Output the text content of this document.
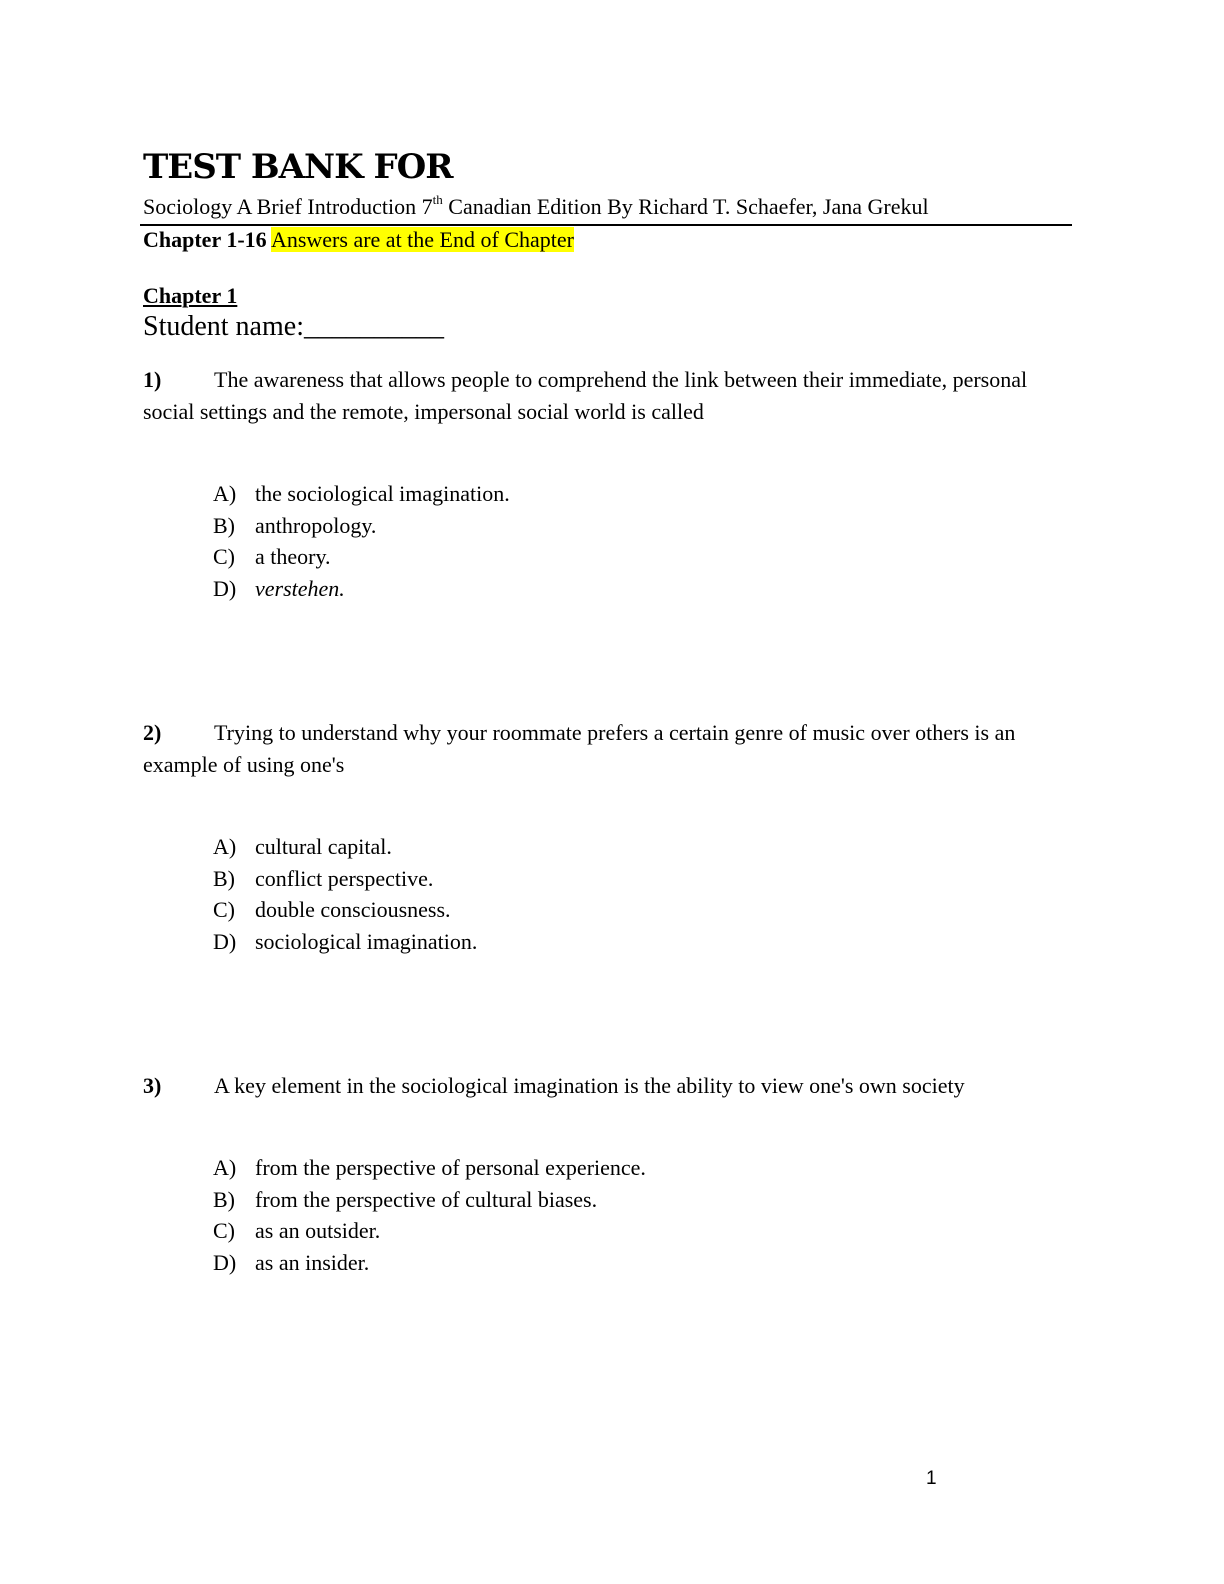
TEST BANK FOR
Sociology A Brief Introduction 7th Canadian Edition By Richard T. Schaefer, Jana Grekul
Chapter 1-16 Answers are at the End of Chapter
Chapter 1
Student name:__________
1) The awareness that allows people to comprehend the link between their immediate, personal social settings and the remote, impersonal social world is called
A) the sociological imagination.
B) anthropology.
C) a theory.
D) verstehen.
2) Trying to understand why your roommate prefers a certain genre of music over others is an example of using one's
A) cultural capital.
B) conflict perspective.
C) double consciousness.
D) sociological imagination.
3) A key element in the sociological imagination is the ability to view one's own society
A) from the perspective of personal experience.
B) from the perspective of cultural biases.
C) as an outsider.
D) as an insider.
1
